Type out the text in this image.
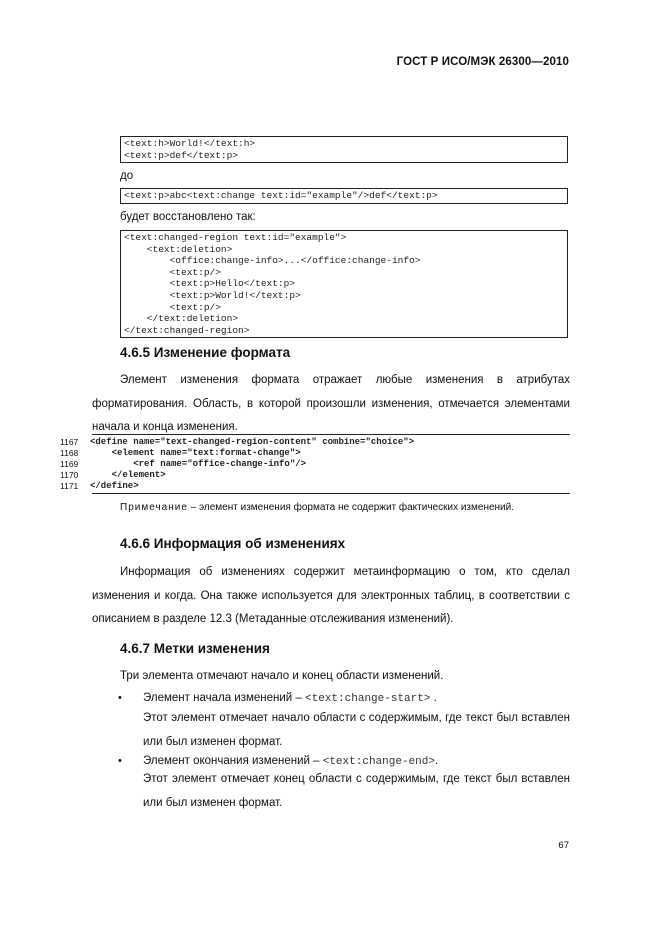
ГОСТ Р ИСО/МЭК 26300—2010
<text:h>World!</text:h>
<text:p>def</text:p>
до
<text:p>abc<text:change text:id="example"/>def</text:p>
будет восстановлено так:
<text:changed-region text:id="example">
<text:deletion>
<office:change-info>...</office:change-info>
<text:p/>
<text:p>Hello</text:p>
<text:p>World!</text:p>
<text:p/>
</text:deletion>
</text:changed-region>
4.6.5 Изменение формата
Элемент изменения формата отражает любые изменения в атрибутах форматирования. Область, в которой произошли изменения, отмечается элементами начала и конца изменения.
1167	<define name="text-changed-region-content" combine="choice">
1168	<element name="text:format-change">
1169	<ref name="office-change-info"/>
1170	</element>
1171	</define>
Примечание – элемент изменения формата не содержит фактических изменений.
4.6.6 Информация об изменениях
Информация об изменениях содержит метаинформацию о том, кто сделал изменения и когда. Она также используется для электронных таблиц, в соответствии с описанием в разделе 12.3 (Метаданные отслеживания изменений).
4.6.7 Метки изменения
Три элемента отмечают начало и конец области изменений.
• Элемент начала изменений – <text:change-start> .
Этот элемент отмечает начало области с содержимым, где текст был вставлен или был изменен формат.
• Элемент окончания изменений – <text:change-end>.
Этот элемент отмечает конец области с содержимым, где текст был вставлен или был изменен формат.
67
